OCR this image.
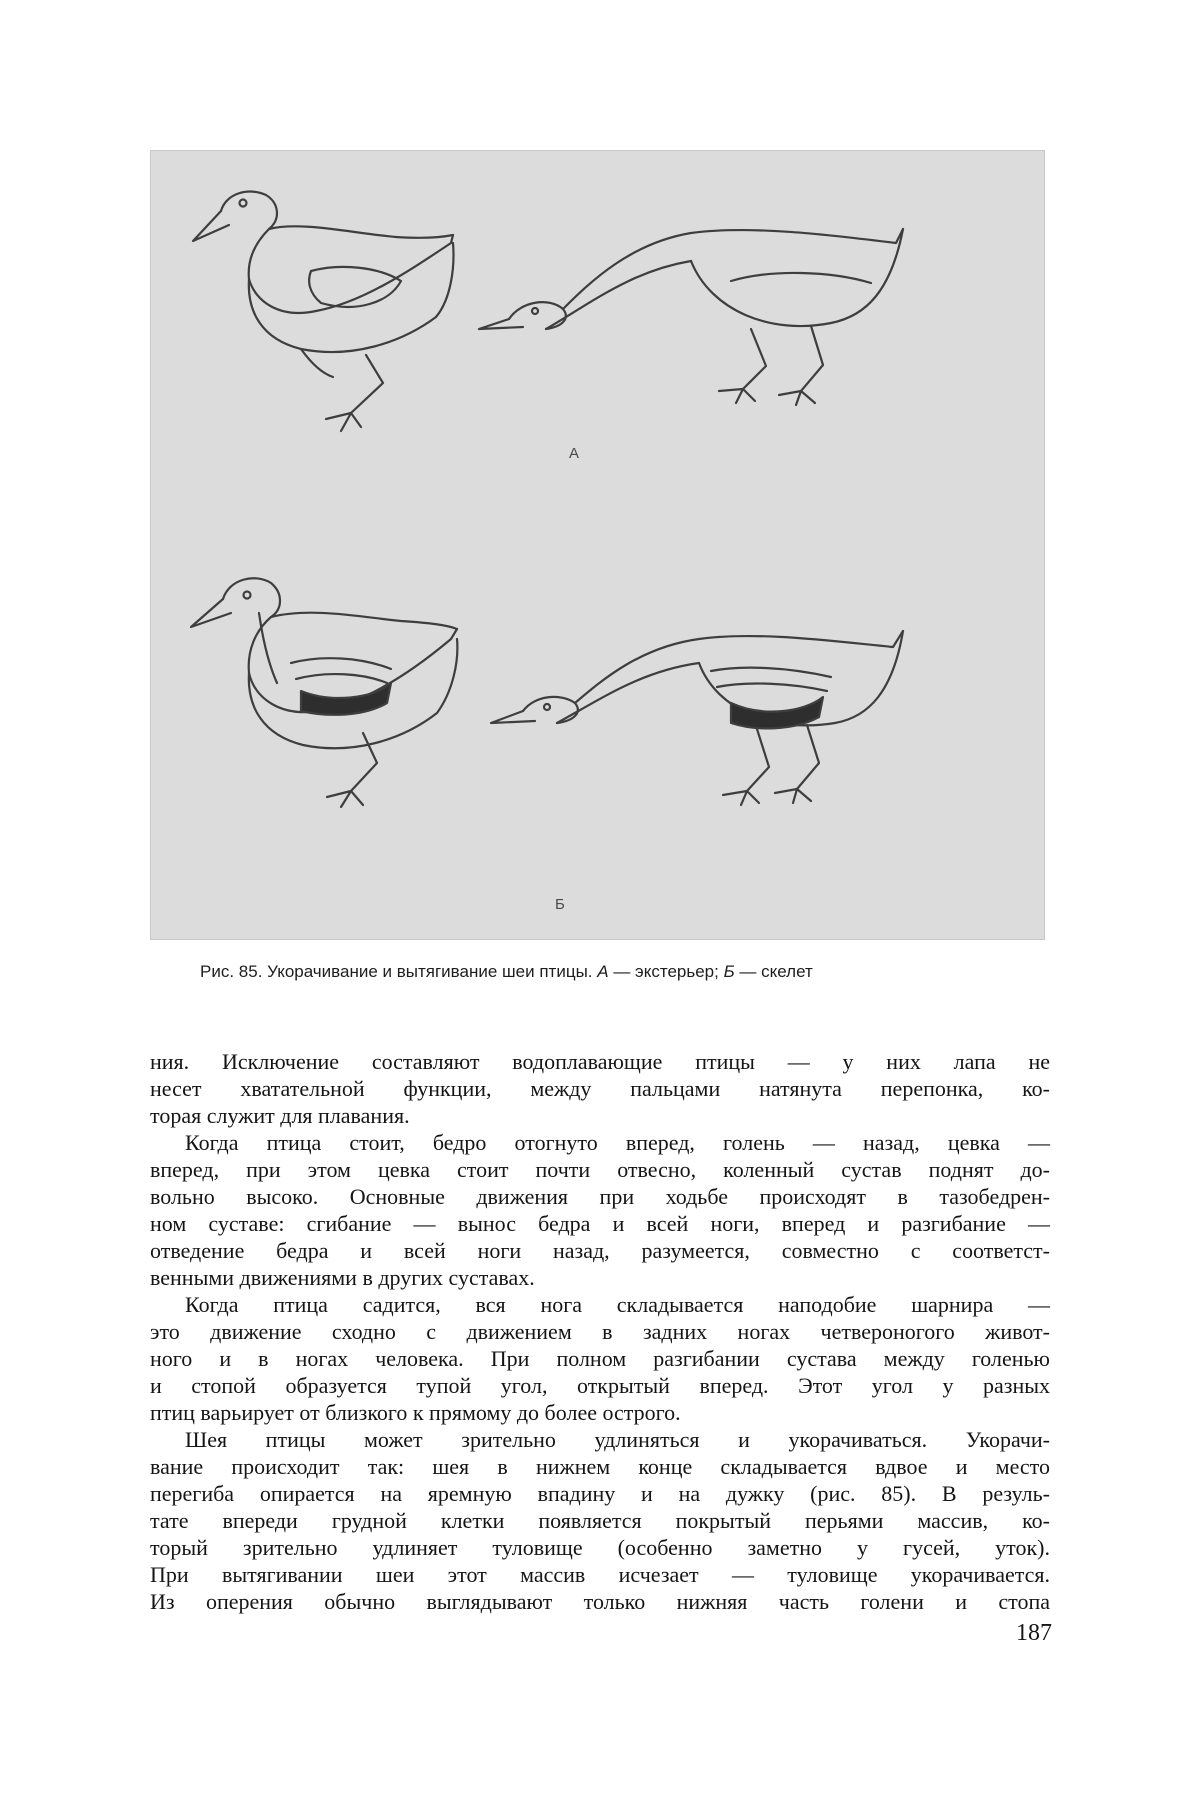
А
Б
Рис. 85. Укорачивание и вытягивание шеи птицы. А — экстерьер; Б — скелет
ния. Исключение составляют водоплавающие птицы — у них лапа не
несет хватательной функции, между пальцами натянута перепонка, ко-
торая служит для плавания.
Когда птица стоит, бедро отогнуто вперед, голень — назад, цевка —
вперед, при этом цевка стоит почти отвесно, коленный сустав поднят до-
вольно высоко. Основные движения при ходьбе происходят в тазобедрен-
ном суставе: сгибание — вынос бедра и всей ноги, вперед и разгибание —
отведение бедра и всей ноги назад, разумеется, совместно с соответст-
венными движениями в других суставах.
Когда птица садится, вся нога складывается наподобие шарнира —
это движение сходно с движением в задних ногах четвероногого живот-
ного и в ногах человека. При полном разгибании сустава между голенью
и стопой образуется тупой угол, открытый вперед. Этот угол у разных
птиц варьирует от близкого к прямому до более острого.
Шея птицы может зрительно удлиняться и укорачиваться. Укорачи-
вание происходит так: шея в нижнем конце складывается вдвое и место
перегиба опирается на яремную впадину и на дужку (рис. 85). В резуль-
тате впереди грудной клетки появляется покрытый перьями массив, ко-
торый зрительно удлиняет туловище (особенно заметно у гусей, уток).
При вытягивании шеи этот массив исчезает — туловище укорачивается.
Из оперения обычно выглядывают только нижняя часть голени и стопа
187
